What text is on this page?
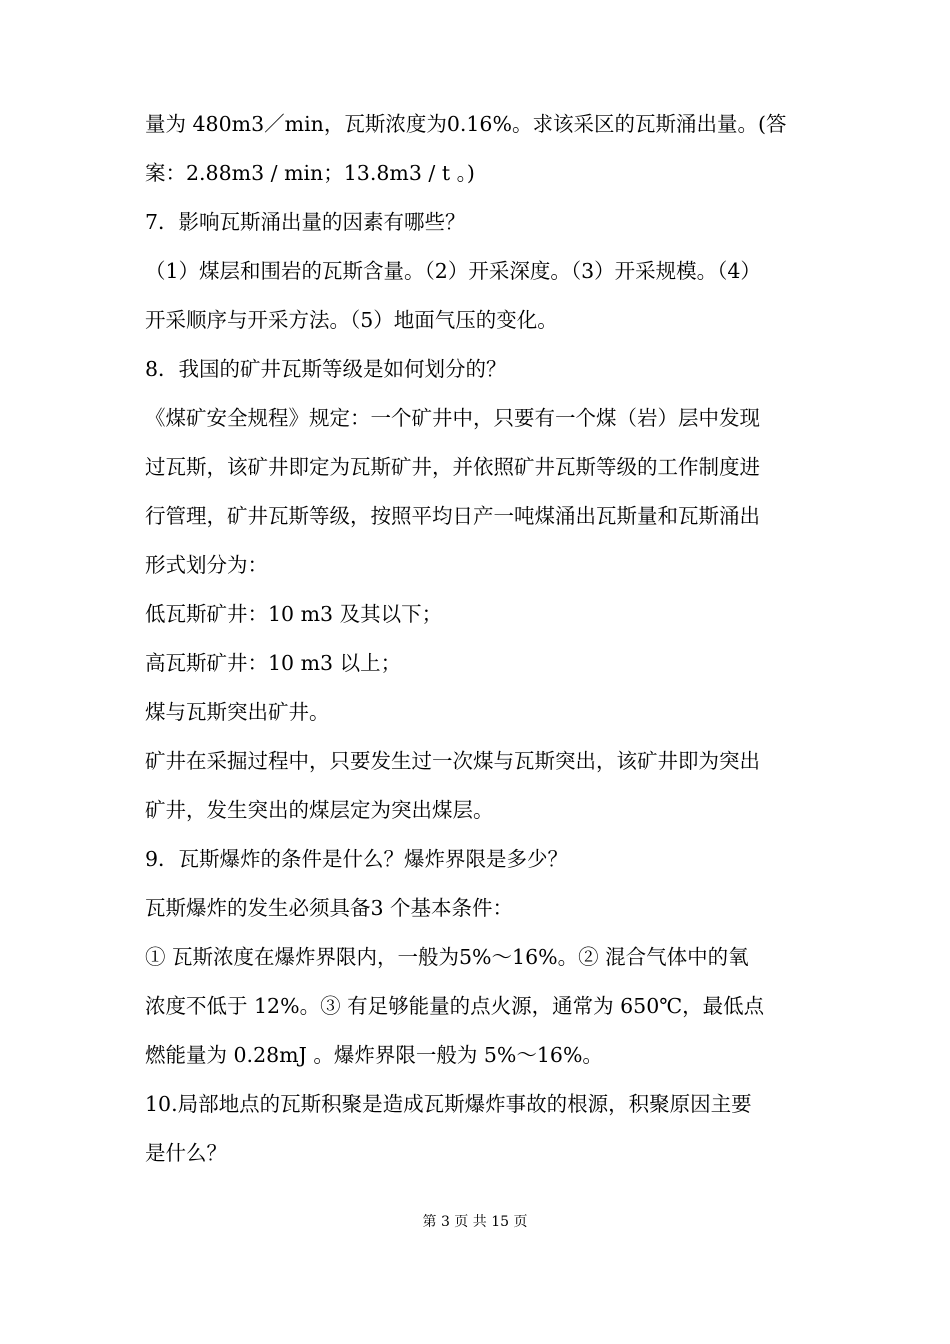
量为 480m3／min，瓦斯浓度为0.16%。求该采区的瓦斯涌出量。(答
案：2.88m3 / min；13.8m3 / t 。)
7．影响瓦斯涌出量的因素有哪些？
（1）煤层和围岩的瓦斯含量。（2）开采深度。（3）开采规模。（4）
开采顺序与开采方法。（5）地面气压的变化。
8．我国的矿井瓦斯等级是如何划分的？
《煤矿安全规程》规定：一个矿井中，只要有一个煤（岩）层中发现
过瓦斯，该矿井即定为瓦斯矿井，并依照矿井瓦斯等级的工作制度进
行管理，矿井瓦斯等级，按照平均日产一吨煤涌出瓦斯量和瓦斯涌出
形式划分为：
低瓦斯矿井：10 m3 及其以下；
高瓦斯矿井：10 m3 以上；
煤与瓦斯突出矿井。
矿井在采掘过程中，只要发生过一次煤与瓦斯突出，该矿井即为突出
矿井，发生突出的煤层定为突出煤层。
9．瓦斯爆炸的条件是什么？爆炸界限是多少？
瓦斯爆炸的发生必须具备3 个基本条件：
① 瓦斯浓度在爆炸界限内，一般为5%～16%。② 混合气体中的氧
浓度不低于 12%。③ 有足够能量的点火源，通常为 650℃，最低点
燃能量为 0.28mJ 。爆炸界限一般为 5%～16%。
10.局部地点的瓦斯积聚是造成瓦斯爆炸事故的根源，积聚原因主要
是什么？
第 3 页 共 15 页
